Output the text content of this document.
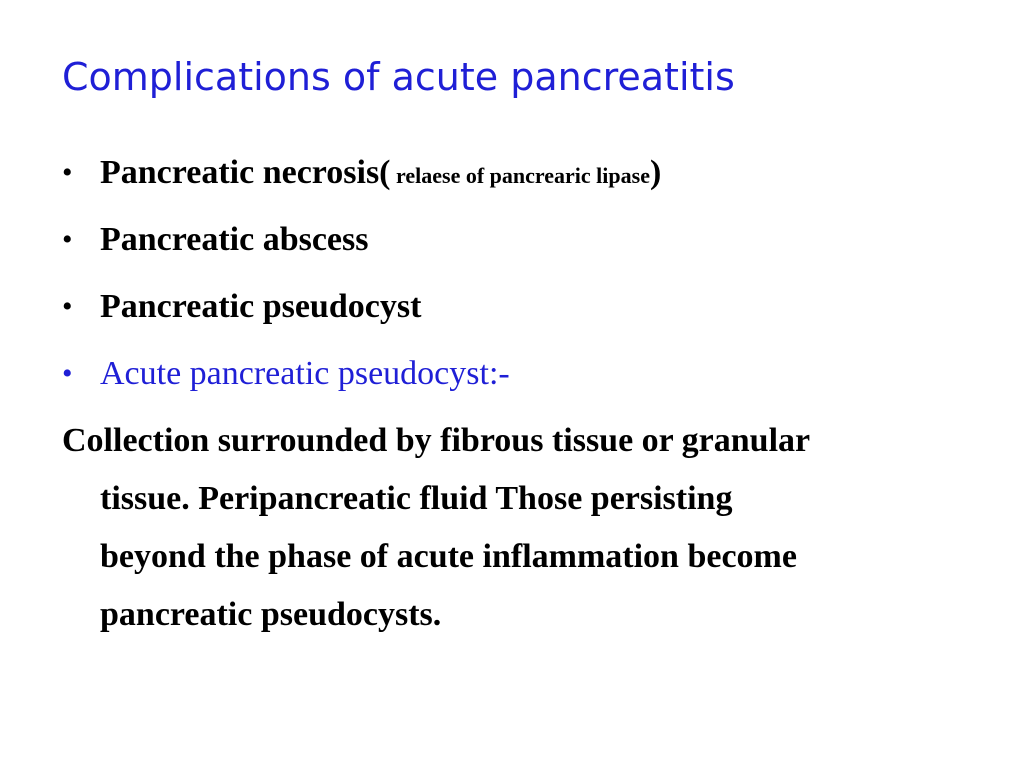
Complications of acute pancreatitis
• Pancreatic necrosis( relaese of pancrearic lipase)
• Pancreatic abscess
• Pancreatic pseudocyst
• Acute pancreatic pseudocyst:-

Collection surrounded by fibrous tissue or granular
tissue. Peripancreatic fluid Those persisting
beyond the phase of acute inflammation become
pancreatic pseudocysts.
